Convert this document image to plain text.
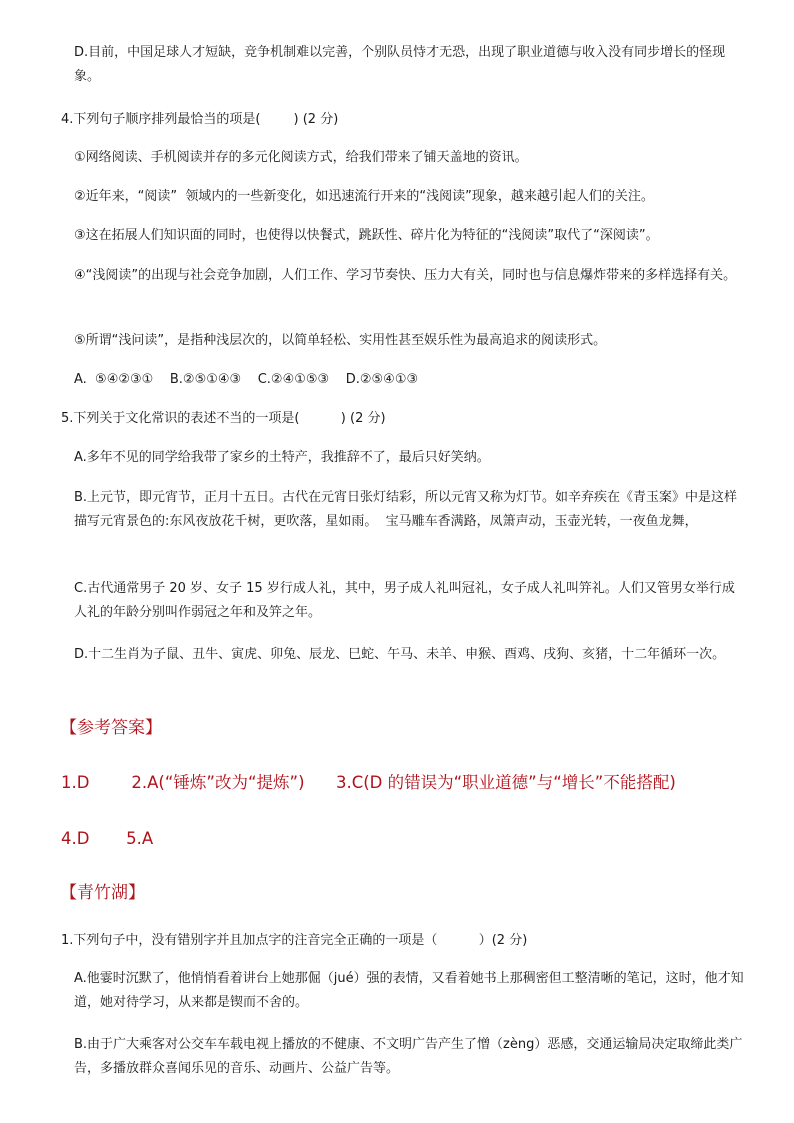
D.目前，中国足球人才短缺，竞争机制难以完善，个别队员恃才无恐，出现了职业道德与收入没有同步增长的怪现象。

4.下列句子顺序排列最恰当的项是(        ) (2 分)

①网络阅读、手机阅读并存的多元化阅读方式，给我们带来了铺天盖地的资讯。

②近年来，“阅读”  领域内的一些新变化，如迅速流行开来的“浅阅读”现象，越来越引起人们的关注。

③这在拓展人们知识面的同时，也使得以快餐式，跳跃性、碎片化为特征的“浅阅读”取代了“深阅读”。

④“浅阅读”的出现与社会竞争加剧，人们工作、学习节奏快、压力大有关，同时也与信息爆炸带来的多样选择有关。

⑤所谓“浅问读”，是指种浅层次的，以简单轻松、实用性甚至娱乐性为最高追求的阅读形式。

A.  ⑤④②③①    B.②⑤①④③    C.②④①⑤③    D.②⑤④①③

5.下列关于文化常识的表述不当的一项是(          ) (2 分)

A.多年不见的同学给我带了家乡的土特产，我推辞不了，最后只好笑纳。

B.上元节，即元宵节，正月十五日。古代在元宵日张灯结彩，所以元宵又称为灯节。如辛弃疾在《青玉案》中是这样描写元宵景色的:东风夜放花千树，更吹落，星如雨。  宝马雕车香满路，凤箫声动，玉壶光转，一夜鱼龙舞，

C.古代通常男子 20 岁、女子 15 岁行成人礼，其中，男子成人礼叫冠礼，女子成人礼叫笄礼。人们又管男女举行成人礼的年龄分别叫作弱冠之年和及笄之年。

D.十二生肖为子鼠、丑牛、寅虎、卯兔、辰龙、巳蛇、午马、未羊、申猴、酉鸡、戌狗、亥猪，十二年循环一次。

【参考答案】

1.D        2.A(“锤炼”改为“提炼”)      3.C(D 的错误为“职业道德”与“增长”不能搭配)

4.D       5.A

【青竹湖】

1.下列句子中，没有错别字并且加点字的注音完全正确的一项是（          ）(2 分)

A.他霎时沉默了，他悄悄看着讲台上她那倔（jué）强的表情，又看着她书上那稠密但工整清晰的笔记，这时，他才知道，她对待学习，从来都是锲而不舍的。

B.由于广大乘客对公交车车载电视上播放的不健康、不文明广告产生了憎（zèng）恶感，交通运输局决定取缔此类广告，多播放群众喜闻乐见的音乐、动画片、公益广告等。
